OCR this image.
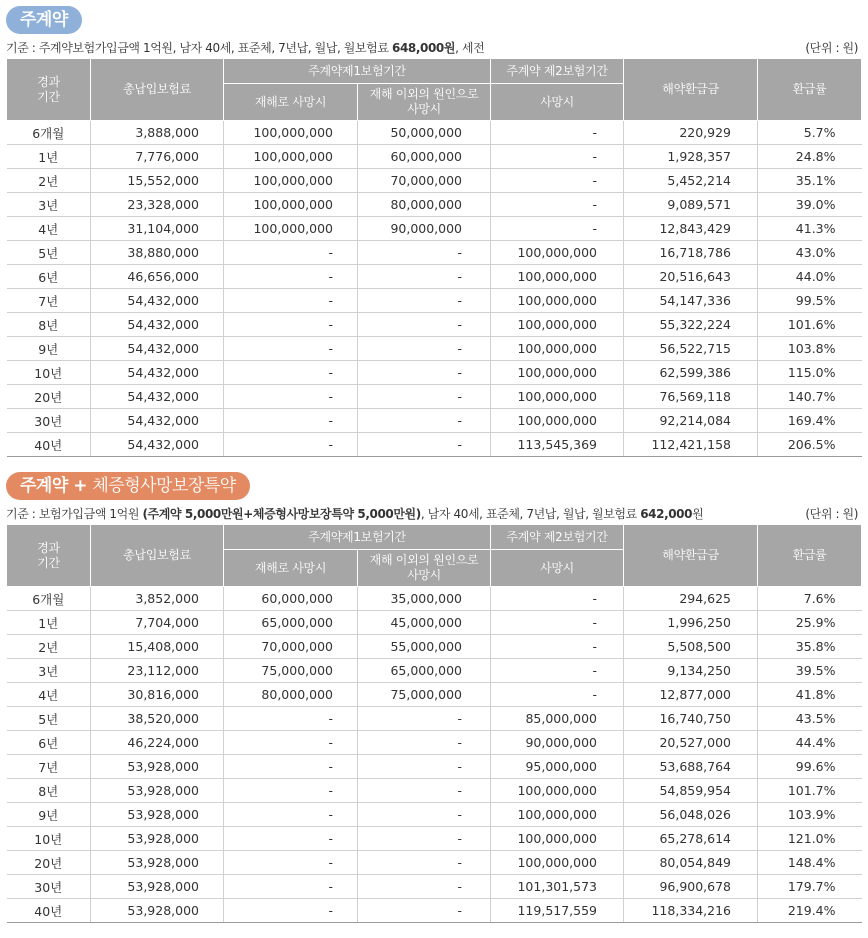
주계약
기준 : 주계약보험가입금액 1억원, 남자 40세, 표준체, 7년납, 월납, 월보험료 648,000원, 세전	(단위 : 원)
경과
기간	총납입보험료	주계약제1보험기간		주계약 제2보험기간	해약환급금	환급률
		재해로 사망시	재해 이외의 원인으로
사망시	사망시		
6개월	3,888,000	100,000,000	50,000,000	-	220,929	5.7%
1년	7,776,000	100,000,000	60,000,000	-	1,928,357	24.8%
2년	15,552,000	100,000,000	70,000,000	-	5,452,214	35.1%
3년	23,328,000	100,000,000	80,000,000	-	9,089,571	39.0%
4년	31,104,000	100,000,000	90,000,000	-	12,843,429	41.3%
5년	38,880,000	-	-	100,000,000	16,718,786	43.0%
6년	46,656,000	-	-	100,000,000	20,516,643	44.0%
7년	54,432,000	-	-	100,000,000	54,147,336	99.5%
8년	54,432,000	-	-	100,000,000	55,322,224	101.6%
9년	54,432,000	-	-	100,000,000	56,522,715	103.8%
10년	54,432,000	-	-	100,000,000	62,599,386	115.0%
20년	54,432,000	-	-	100,000,000	76,569,118	140.7%
30년	54,432,000	-	-	100,000,000	92,214,084	169.4%
40년	54,432,000	-	-	113,545,369	112,421,158	206.5%
주계약 + 체증형사망보장특약
기준 : 보험가입금액 1억원 (주계약 5,000만원+체증형사망보장특약 5,000만원), 남자 40세, 표준체, 7년납, 월납, 월보험료 642,000원	(단위 : 원)
경과
기간	총납입보험료	주계약제1보험기간		주계약 제2보험기간	해약환급금	환급률
		재해로 사망시	재해 이외의 원인으로
사망시	사망시		
6개월	3,852,000	60,000,000	35,000,000	-	294,625	7.6%
1년	7,704,000	65,000,000	45,000,000	-	1,996,250	25.9%
2년	15,408,000	70,000,000	55,000,000	-	5,508,500	35.8%
3년	23,112,000	75,000,000	65,000,000	-	9,134,250	39.5%
4년	30,816,000	80,000,000	75,000,000	-	12,877,000	41.8%
5년	38,520,000	-	-	85,000,000	16,740,750	43.5%
6년	46,224,000	-	-	90,000,000	20,527,000	44.4%
7년	53,928,000	-	-	95,000,000	53,688,764	99.6%
8년	53,928,000	-	-	100,000,000	54,859,954	101.7%
9년	53,928,000	-	-	100,000,000	56,048,026	103.9%
10년	53,928,000	-	-	100,000,000	65,278,614	121.0%
20년	53,928,000	-	-	100,000,000	80,054,849	148.4%
30년	53,928,000	-	-	101,301,573	96,900,678	179.7%
40년	53,928,000	-	-	119,517,559	118,334,216	219.4%
